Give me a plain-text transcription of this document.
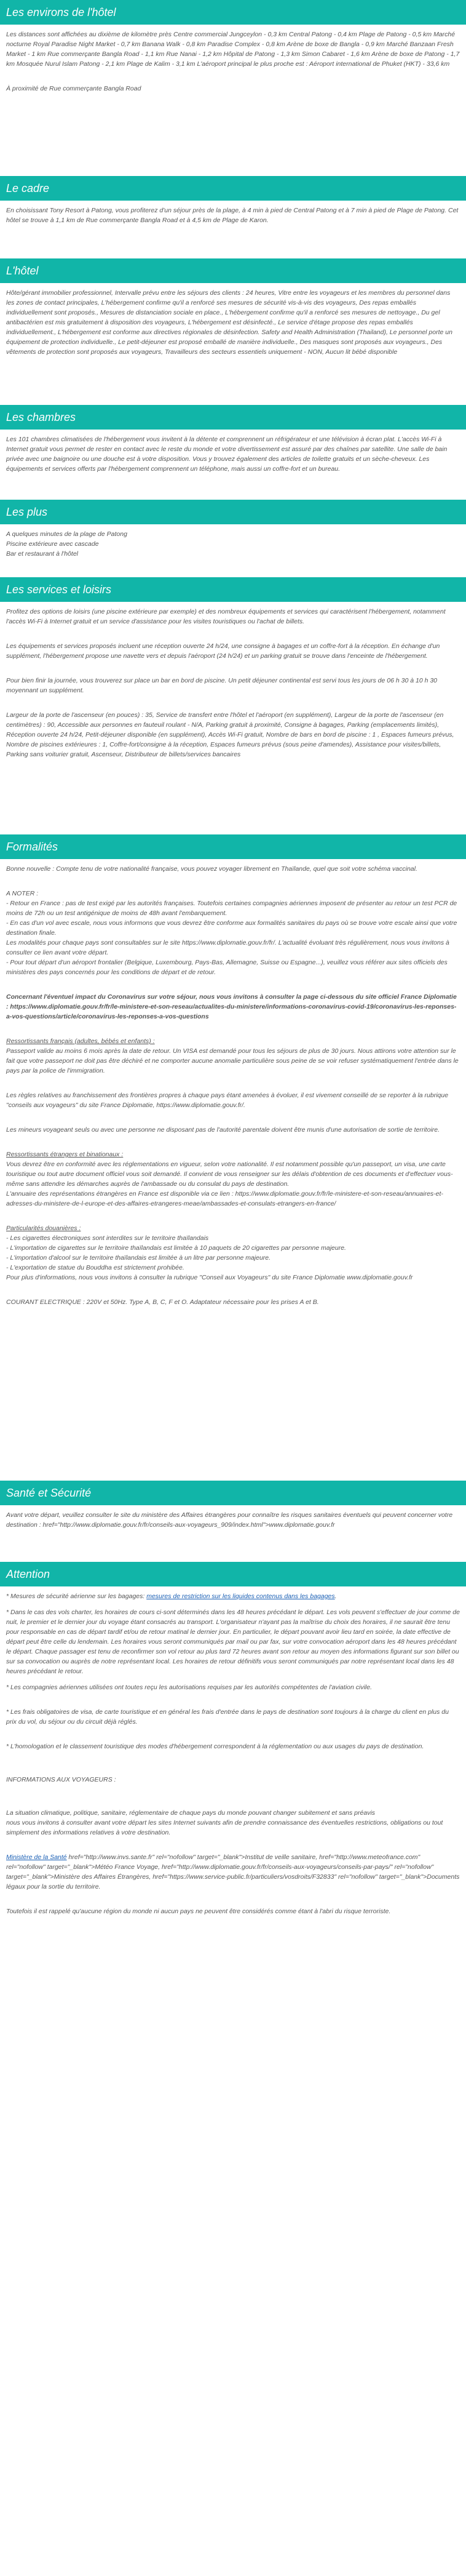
Les environs de l'hôtel

Les distances sont affichées au dixième de kilomètre près Centre commercial Jungceylon - 0,3 km Central Patong - 0,4 km Plage de Patong - 0,5 km Marché nocturne Royal Paradise Night Market - 0,7 km Banana Walk - 0,8 km Paradise Complex - 0,8 km Arène de boxe de Bangla - 0,9 km Marché Banzaan Fresh Market - 1 km Rue commerçante Bangla Road - 1,1 km Rue Nanai - 1,2 km Hôpital de Patong - 1,3 km Simon Cabaret - 1,6 km Arène de boxe de Patong - 1,7 km Mosquée Nurul Islam Patong - 2,1 km Plage de Kalim - 3,1 km L'aéroport principal le plus proche est : Aéroport international de Phuket (HKT) - 33,6 km

À proximité de Rue commerçante Bangla Road

Le cadre

En choisissant Tony Resort à Patong, vous profiterez d'un séjour près de la plage, à 4 min à pied de Central Patong et à 7 min à pied de Plage de Patong. Cet hôtel se trouve à 1,1 km de Rue commerçante Bangla Road et à 4,5 km de Plage de Karon.

L'hôtel

Hôte/gérant immobilier professionnel, Intervalle prévu entre les séjours des clients : 24 heures, Vitre entre les voyageurs et les membres du personnel dans les zones de contact principales, L'hébergement confirme qu'il a renforcé ses mesures de sécurité vis-à-vis des voyageurs, Des repas emballés individuellement sont proposés., Mesures de distanciation sociale en place., L'hébergement confirme qu'il a renforcé ses mesures de nettoyage., Du gel antibactérien est mis gratuitement à disposition des voyageurs, L'hébergement est désinfecté., Le service d'étage propose des repas emballés individuellement., L'hébergement est conforme aux directives régionales de désinfection. Safety and Health Administration (Thailand), Le personnel porte un équipement de protection individuelle., Le petit-déjeuner est proposé emballé de manière individuelle., Des masques sont proposés aux voyageurs., Des vêtements de protection sont proposés aux voyageurs, Travailleurs des secteurs essentiels uniquement - NON, Aucun lit bébé disponible

Les chambres

Les 101 chambres climatisées de l'hébergement vous invitent à la détente et comprennent un réfrigérateur et une télévision à écran plat. L'accès Wi-Fi à Internet gratuit vous permet de rester en contact avec le reste du monde et votre divertissement est assuré par des chaînes par satellite. Une salle de bain privée avec une baignoire ou une douche est à votre disposition. Vous y trouvez également des articles de toilette gratuits et un sèche-cheveux. Les équipements et services offerts par l'hébergement comprennent un téléphone, mais aussi un coffre-fort et un bureau.

Les plus

A quelques minutes de la plage de Patong
Piscine extérieure avec cascade
Bar et restaurant à l'hôtel

Les services et loisirs

Profitez des options de loisirs (une piscine extérieure par exemple) et des nombreux équipements et services qui caractérisent l'hébergement, notamment l'accès Wi-Fi à Internet gratuit et un service d'assistance pour les visites touristiques ou l'achat de billets.

Les équipements et services proposés incluent une réception ouverte 24 h/24, une consigne à bagages et un coffre-fort à la réception. En échange d'un supplément, l'hébergement propose une navette vers et depuis l'aéroport (24 h/24) et un parking gratuit se trouve dans l'enceinte de l'hébergement.

Pour bien finir la journée, vous trouverez sur place un bar en bord de piscine. Un petit déjeuner continental est servi tous les jours de 06 h 30 à 10 h 30 moyennant un supplément.

Largeur de la porte de l'ascenseur (en pouces) : 35, Service de transfert entre l'hôtel et l'aéroport (en supplément), Largeur de la porte de l'ascenseur (en centimètres) : 90, Accessible aux personnes en fauteuil roulant - N/A, Parking gratuit à proximité, Consigne à bagages, Parking (emplacements limités), Réception ouverte 24 h/24, Petit-déjeuner disponible (en supplément), Accès Wi-Fi gratuit, Nombre de bars en bord de piscine : 1 , Espaces fumeurs prévus, Nombre de piscines extérieures : 1, Coffre-fort/consigne à la réception, Espaces fumeurs prévus (sous peine d'amendes), Assistance pour visites/billets, Parking sans voiturier gratuit, Ascenseur, Distributeur de billets/services bancaires

Formalités

Bonne nouvelle : Compte tenu de votre nationalité française, vous pouvez voyager librement en Thaïlande, quel que soit votre schéma vaccinal.

A NOTER :
- Retour en France : pas de test exigé par les autorités françaises. Toutefois certaines compagnies aériennes imposent de présenter au retour un test PCR de moins de 72h ou un test antigénique de moins de 48h avant l'embarquement.
- En cas d'un vol avec escale, nous vous informons que vous devrez être conforme aux formalités sanitaires du pays où se trouve votre escale ainsi que votre destination finale.
Les modalités pour chaque pays sont consultables sur le site https://www.diplomatie.gouv.fr/fr/. L'actualité évoluant très régulièrement, nous vous invitons à consulter ce lien avant votre départ.
- Pour tout départ d'un aéroport frontalier (Belgique, Luxembourg, Pays-Bas, Allemagne, Suisse ou Espagne...), veuillez vous référer aux sites officiels des ministères des pays concernés pour les conditions de départ et de retour.

Concernant l'éventuel impact du Coronavirus sur votre séjour, nous vous invitons à consulter la page ci-dessous du site officiel France Diplomatie : https://www.diplomatie.gouv.fr/fr/le-ministere-et-son-reseau/actualites-du-ministere/informations-coronavirus-covid-19/coronavirus-les-reponses-a-vos-questions/article/coronavirus-les-reponses-a-vos-questions

Ressortissants français (adultes, bébés et enfants) :
Passeport valide au moins 6 mois après la date de retour. Un VISA est demandé pour tous les séjours de plus de 30 jours. Nous attirons votre attention sur le fait que votre passeport ne doit pas être déchiré et ne comporter aucune anomalie particulière sous peine de se voir refuser systématiquement l'entrée dans le pays par la police de l'immigration.

Les règles relatives au franchissement des frontières propres à chaque pays étant amenées à évoluer, il est vivement conseillé de se reporter à la rubrique "conseils aux voyageurs" du site France Diplomatie, https://www.diplomatie.gouv.fr/.

Les mineurs voyageant seuls ou avec une personne ne disposant pas de l'autorité parentale doivent être munis d'une autorisation de sortie de territoire.

Ressortissants étrangers et binationaux :
Vous devrez être en conformité avec les réglementations en vigueur, selon votre nationalité. Il est notamment possible qu'un passeport, un visa, une carte touristique ou tout autre document officiel vous soit demandé. Il convient de vous renseigner sur les délais d'obtention de ces documents et d'effectuer vous-même sans attendre les démarches auprès de l'ambassade ou du consulat du pays de destination.
L'annuaire des représentations étrangères en France est disponible via ce lien : https://www.diplomatie.gouv.fr/fr/le-ministere-et-son-reseau/annuaires-et-adresses-du-ministere-de-l-europe-et-des-affaires-etrangeres-meae/ambassades-et-consulats-etrangers-en-france/

Particularités douanières :
- Les cigarettes électroniques sont interdites sur le territoire thaïlandais
- L'importation de cigarettes sur le territoire thaïlandais est limitée à 10 paquets de 20 cigarettes par personne majeure.
- L'importation d'alcool sur le territoire thaïlandais est limitée à un litre par personne majeure.
- L'exportation de statue du Bouddha est strictement prohibée.
Pour plus d'informations, nous vous invitons à consulter la rubrique "Conseil aux Voyageurs" du site France Diplomatie www.diplomatie.gouv.fr

COURANT ELECTRIQUE : 220V et 50Hz. Type A, B, C, F et O. Adaptateur nécessaire pour les prises A et B.

Santé et Sécurité

Avant votre départ, veuillez consulter le site du ministère des Affaires étrangères pour connaître les risques sanitaires éventuels qui peuvent concerner votre destination : href="http://www.diplomatie.gouv.fr/fr/conseils-aux-voyageurs_909/index.html">www.diplomatie.gouv.fr

Attention

* Mesures de sécurité aérienne sur les bagages: mesures de restriction sur les liquides contenus dans les bagages.

* Dans le cas des vols charter, les horaires de cours ci-sont déterminés dans les 48 heures précédant le départ. Les vols peuvent s'effectuer de jour comme de nuit, le premier et le dernier jour du voyage étant consacrés au transport. L'organisateur n'ayant pas la maîtrise du choix des horaires, il ne saurait être tenu pour responsable en cas de départ tardif et/ou de retour matinal le dernier jour. En particulier, le départ pouvant avoir lieu tard en soirée, la date effective de départ peut être celle du lendemain. Les horaires vous seront communiqués par mail ou par fax, sur votre convocation aéroport dans les 48 heures précédant le départ. Chaque passager est tenu de reconfirmer son vol retour au plus tard 72 heures avant son retour au moyen des informations figurant sur son billet ou sur sa convocation ou auprès de notre représentant local. Les horaires de retour définitifs vous seront communiqués par notre représentant local dans les 48 heures précédant le retour.

* Les compagnies aériennes utilisées ont toutes reçu les autorisations requises par les autorités compétentes de l'aviation civile.

* Les frais obligatoires de visa, de carte touristique et en général les frais d'entrée dans le pays de destination sont toujours à la charge du client en plus du prix du vol, du séjour ou du circuit déjà réglés.

* L'homologation et le classement touristique des modes d'hébergement correspondent à la réglementation ou aux usages du pays de destination.

INFORMATIONS AUX VOYAGEURS :

La situation climatique, politique, sanitaire, réglementaire de chaque pays du monde pouvant changer subitement et sans préavis
nous vous invitons à consulter avant votre départ les sites Internet suivants afin de prendre connaissance des éventuelles restrictions, obligations ou tout simplement des informations relatives à votre destination.

Ministère de la Santé href="http://www.invs.sante.fr" rel="nofollow" target="_blank">Institut de veille sanitaire, href="http://www.meteofrance.com" rel="nofollow" target="_blank">Météo France Voyage, href="http://www.diplomatie.gouv.fr/fr/conseils-aux-voyageurs/conseils-par-pays/" rel="nofollow" target="_blank">Ministère des Affaires Étrangères, href="https://www.service-public.fr/particuliers/vosdroits/F32833" rel="nofollow" target="_blank">Documents légaux pour la sortie du territoire.

Toutefois il est rappelé qu'aucune région du monde ni aucun pays ne peuvent être considérés comme étant à l'abri du risque terroriste.
